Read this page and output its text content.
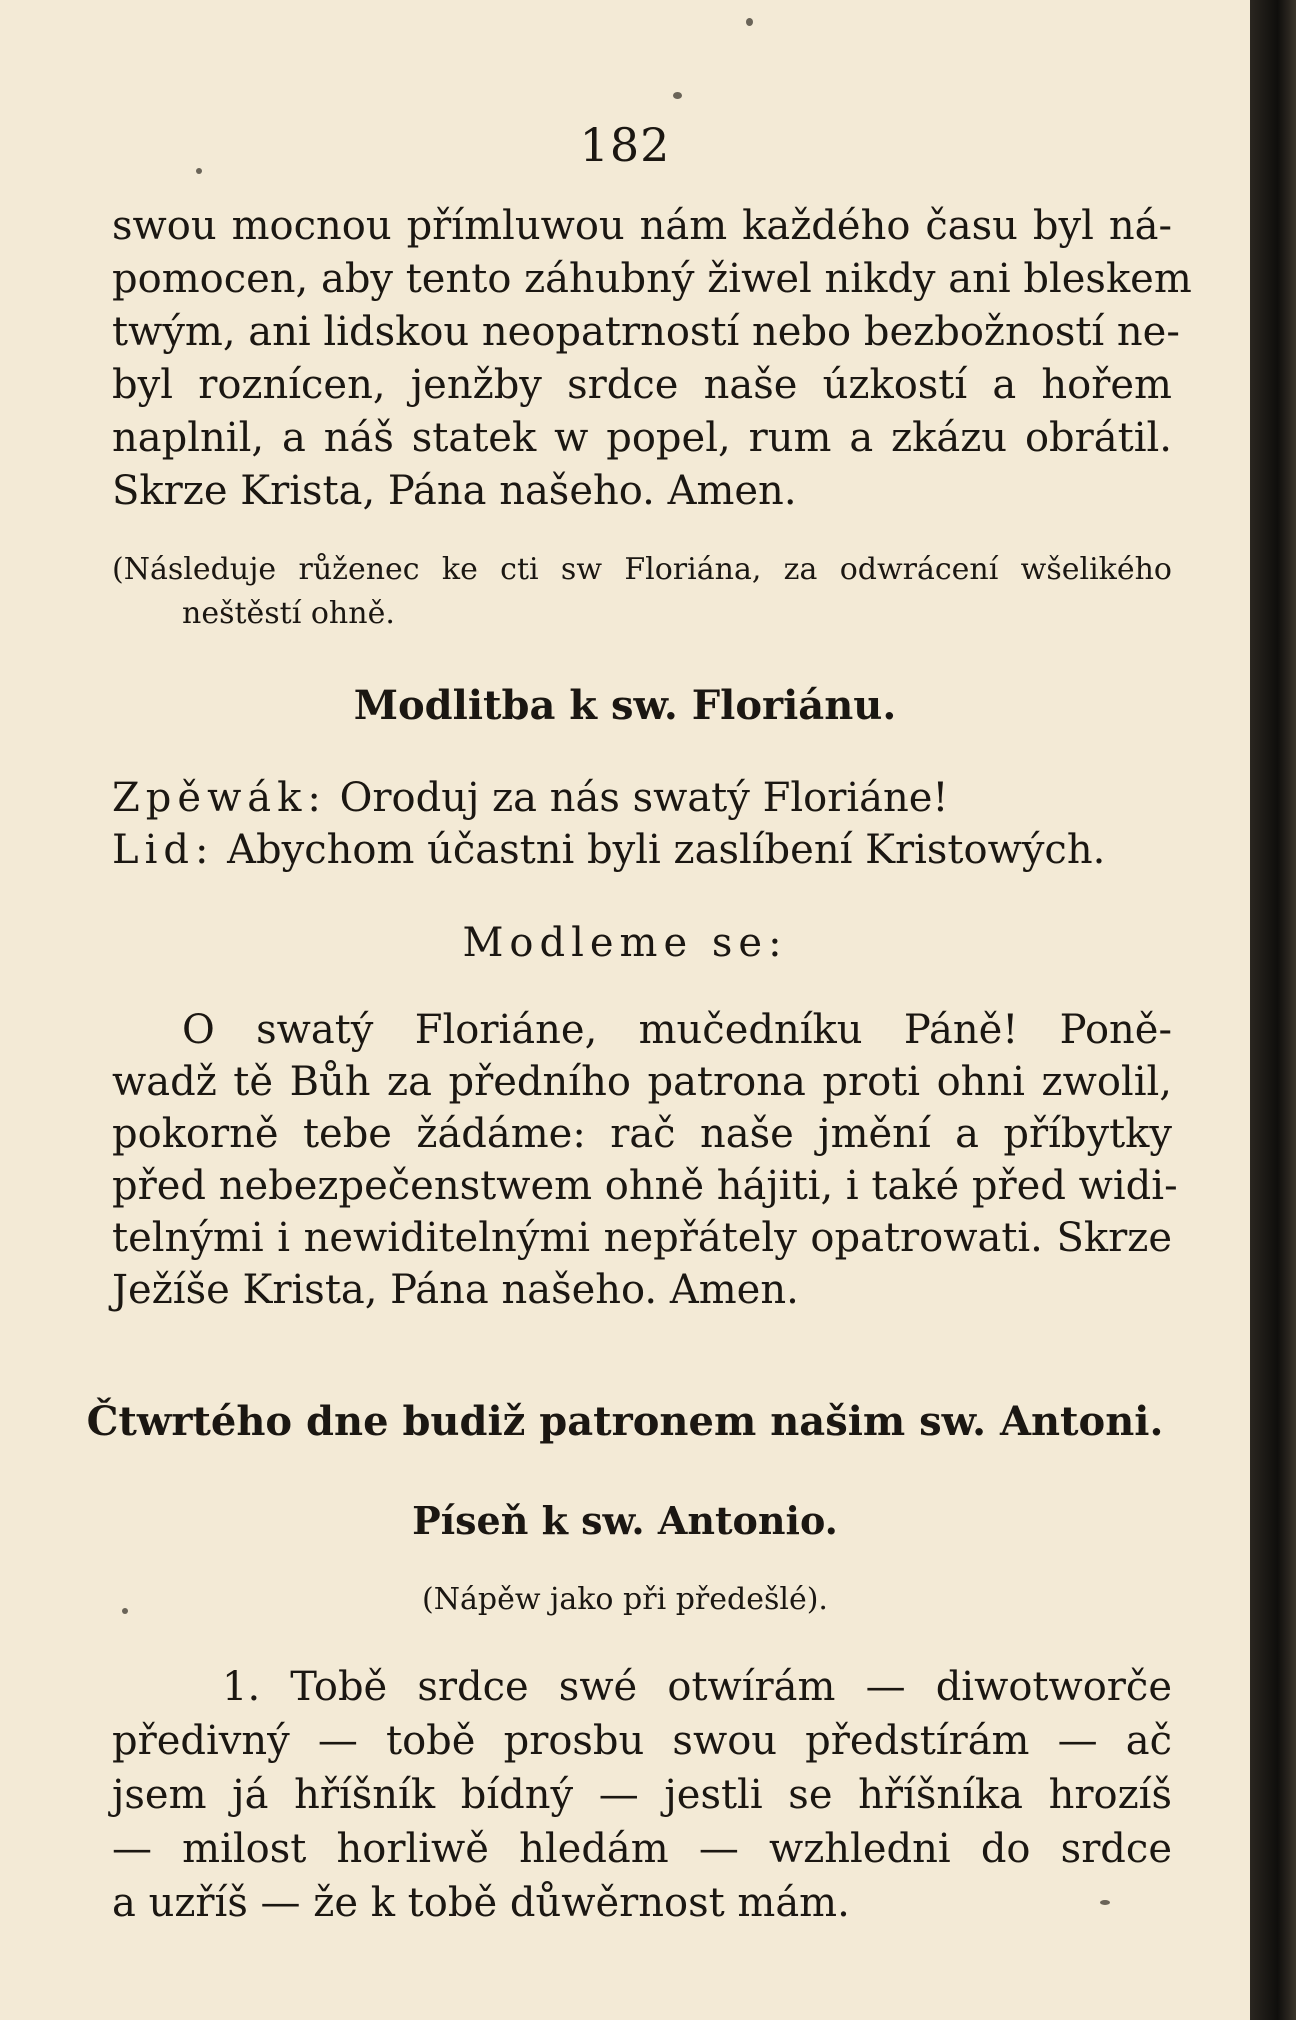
182

swou mocnou přímluwou nám každého času byl ná-

pomocen, aby tento záhubný žiwel nikdy ani bleskem

twým, ani lidskou neopatrností nebo bezbožností ne-

byl roznícen, jenžby srdce naše úzkostí a hořem

naplnil, a náš statek w popel, rum a zkázu obrátil.

Skrze Krista, Pána našeho. Amen.

(Následuje růženec ke cti sw Floriána, za odwrácení wšelikého

neštěstí ohně.

Modlitba k sw. Floriánu.

Zpěwák: Oroduj za nás swatý Floriáne!

Lid: Abychom účastni byli zaslíbení Kristowých.

Modleme se:

O swatý Floriáne, mučedníku Páně! Poně-

wadž tě Bůh za předního patrona proti ohni zwolil,

pokorně tebe žádáme: rač naše jmění a příbytky

před nebezpečenstwem ohně hájiti, i také před widi-

telnými i newiditelnými nepřátely opatrowati. Skrze

Ježíše Krista, Pána našeho. Amen.

Čtwrtého dne budiž patronem našim sw. Antoni.
Píseň k sw. Antonio.
(Nápěw jako při předešlé).

1. Tobě srdce swé otwírám — diwotworče

předivný — tobě prosbu swou předstírám — ač

jsem já hříšník bídný — jestli se hříšníka hrozíš

— milost horliwě hledám — wzhledni do srdce

a uzříš — že k tobě důwěrnost mám.
